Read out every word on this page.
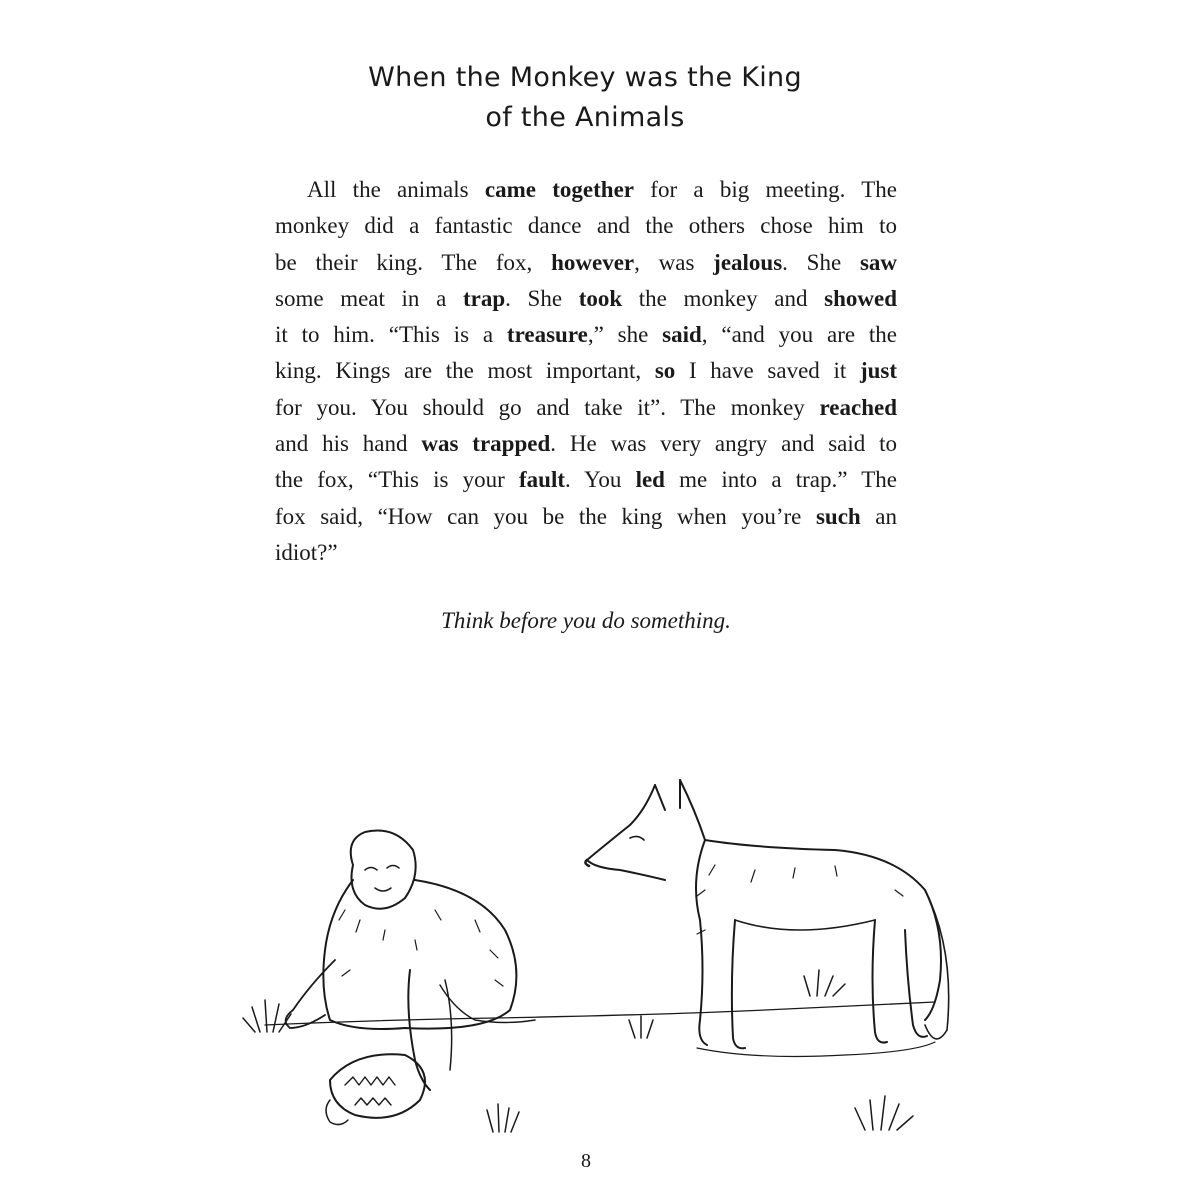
When the Monkey was the King
of the Animals
All the animals came together for a big meeting. The
monkey did a fantastic dance and the others chose him to
be their king. The fox, however, was jealous. She saw
some meat in a trap. She took the monkey and showed
it to him. “This is a treasure,” she said, “and you are the
king. Kings are the most important, so I have saved it just
for you. You should go and take it”. The monkey reached
and his hand was trapped. He was very angry and said to
the fox, “This is your fault. You led me into a trap.” The
fox said, “How can you be the king when you’re such an
idiot?”
Think before you do something.
8
